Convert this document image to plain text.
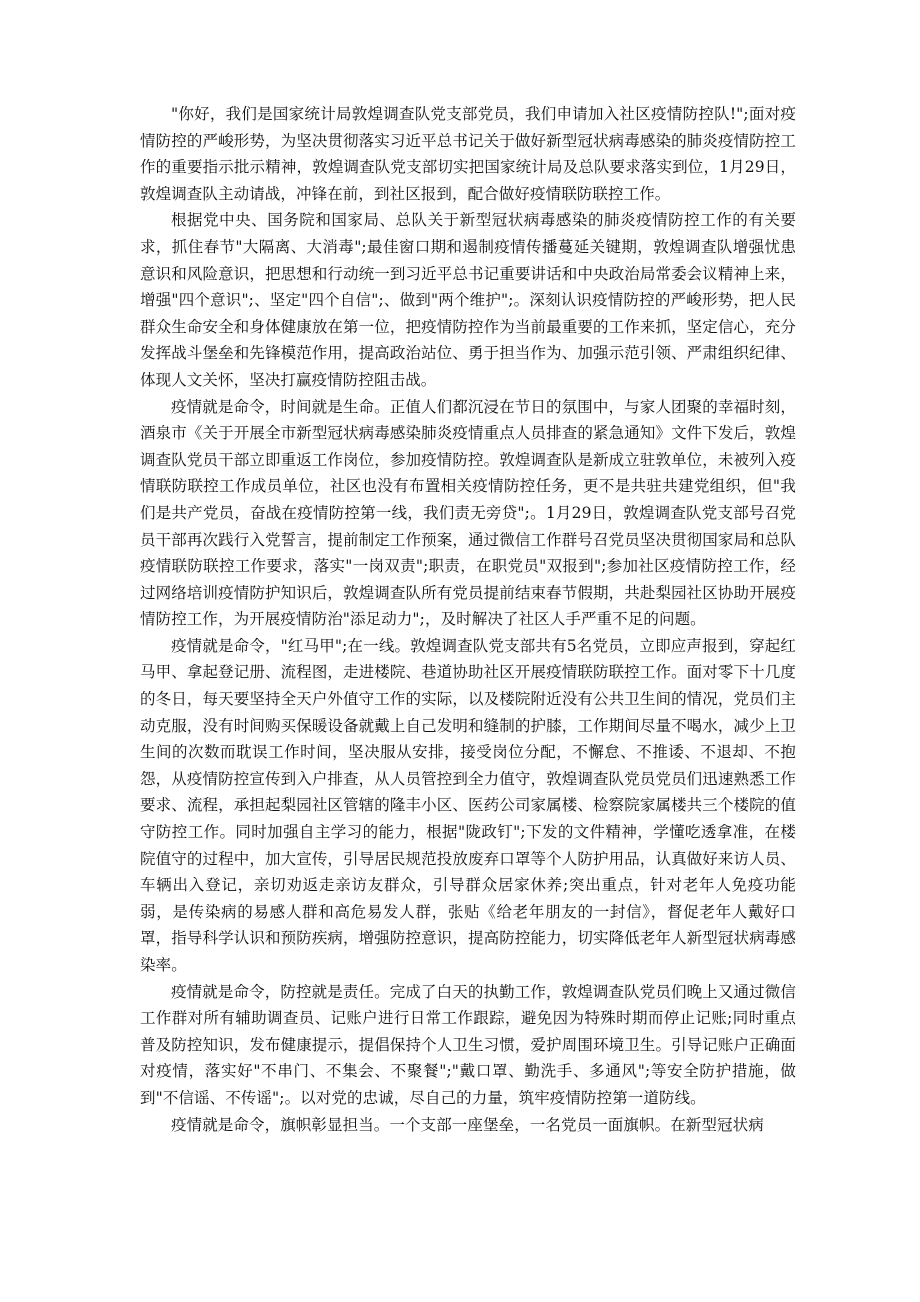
"你好，我们是国家统计局敦煌调查队党支部党员，我们申请加入社区疫情防控队!";面对疫情防控的严峻形势，为坚决贯彻落实习近平总书记关于做好新型冠状病毒感染的肺炎疫情防控工作的重要指示批示精神，敦煌调查队党支部切实把国家统计局及总队要求落实到位，1月29日，敦煌调查队主动请战，冲锋在前，到社区报到，配合做好疫情联防联控工作。

根据党中央、国务院和国家局、总队关于新型冠状病毒感染的肺炎疫情防控工作的有关要求，抓住春节"大隔离、大消毒";最佳窗口期和遏制疫情传播蔓延关键期，敦煌调查队增强忧患意识和风险意识，把思想和行动统一到习近平总书记重要讲话和中央政治局常委会议精神上来，增强"四个意识";、坚定"四个自信";、做到"两个维护";。深刻认识疫情防控的严峻形势，把人民群众生命安全和身体健康放在第一位，把疫情防控作为当前最重要的工作来抓，坚定信心，充分发挥战斗堡垒和先锋模范作用，提高政治站位、勇于担当作为、加强示范引领、严肃组织纪律、体现人文关怀，坚决打赢疫情防控阻击战。

疫情就是命令，时间就是生命。正值人们都沉浸在节日的氛围中，与家人团聚的幸福时刻，酒泉市《关于开展全市新型冠状病毒感染肺炎疫情重点人员排查的紧急通知》文件下发后，敦煌调查队党员干部立即重返工作岗位，参加疫情防控。敦煌调查队是新成立驻敦单位，未被列入疫情联防联控工作成员单位，社区也没有布置相关疫情防控任务，更不是共驻共建党组织，但"我们是共产党员，奋战在疫情防控第一线，我们责无旁贷";。1月29日，敦煌调查队党支部号召党员干部再次践行入党誓言，提前制定工作预案，通过微信工作群号召党员坚决贯彻国家局和总队疫情联防联控工作要求，落实"一岗双责";职责，在职党员"双报到";参加社区疫情防控工作，经过网络培训疫情防护知识后，敦煌调查队所有党员提前结束春节假期，共赴梨园社区协助开展疫情防控工作，为开展疫情防治"添足动力";，及时解决了社区人手严重不足的问题。

疫情就是命令，"红马甲";在一线。敦煌调查队党支部共有5名党员，立即应声报到，穿起红马甲、拿起登记册、流程图，走进楼院、巷道协助社区开展疫情联防联控工作。面对零下十几度的冬日，每天要坚持全天户外值守工作的实际，以及楼院附近没有公共卫生间的情况，党员们主动克服，没有时间购买保暖设备就戴上自己发明和缝制的护膝，工作期间尽量不喝水，减少上卫生间的次数而耽误工作时间，坚决服从安排，接受岗位分配，不懈怠、不推诿、不退却、不抱怨，从疫情防控宣传到入户排查，从人员管控到全力值守，敦煌调查队党员党员们迅速熟悉工作要求、流程，承担起梨园社区管辖的隆丰小区、医药公司家属楼、检察院家属楼共三个楼院的值守防控工作。同时加强自主学习的能力，根据"陇政钉";下发的文件精神，学懂吃透拿准，在楼院值守的过程中，加大宣传，引导居民规范投放废弃口罩等个人防护用品，认真做好来访人员、车辆出入登记，亲切劝返走亲访友群众，引导群众居家休养;突出重点，针对老年人免疫功能弱，是传染病的易感人群和高危易发人群，张贴《给老年朋友的一封信》，督促老年人戴好口罩，指导科学认识和预防疾病，增强防控意识，提高防控能力，切实降低老年人新型冠状病毒感染率。

疫情就是命令，防控就是责任。完成了白天的执勤工作，敦煌调查队党员们晚上又通过微信工作群对所有辅助调查员、记账户进行日常工作跟踪，避免因为特殊时期而停止记账;同时重点普及防控知识，发布健康提示，提倡保持个人卫生习惯，爱护周围环境卫生。引导记账户正确面对疫情，落实好"不串门、不集会、不聚餐";"戴口罩、勤洗手、多通风";等安全防护措施，做到"不信谣、不传谣";。以对党的忠诚，尽自己的力量，筑牢疫情防控第一道防线。

疫情就是命令，旗帜彰显担当。一个支部一座堡垒，一名党员一面旗帜。在新型冠状病
